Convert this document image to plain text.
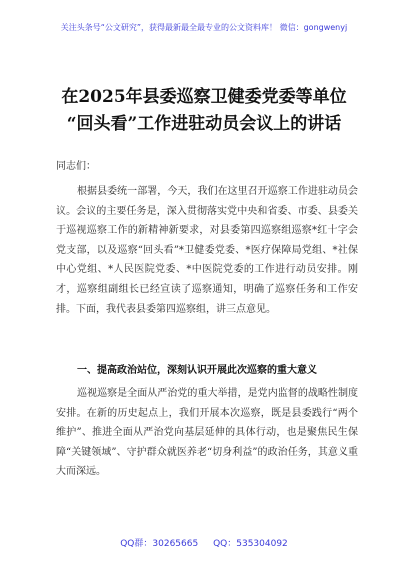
关注头条号“公文研究”，获得最新最全最专业的公文资料库！ 微信：gongwenyj
在2025年县委巡察卫健委党委等单位
“回头看”工作进驻动员会议上的讲话
同志们：
根据县委统一部署，今天，我们在这里召开巡察工作进驻动员会议。会议的主要任务是，深入贯彻落实党中央和省委、市委、县委关于巡视巡察工作的新精神新要求，对县委第四巡察组巡察*红十字会党支部，以及巡察“回头看”*卫健委党委、*医疗保障局党组、*社保中心党组、*人民医院党委、*中医院党委的工作进行动员安排。刚才，巡察组副组长已经宣读了巡察通知，明确了巡察任务和工作安排。下面，我代表县委第四巡察组，讲三点意见。
一、提高政治站位，深刻认识开展此次巡察的重大意义
巡视巡察是全面从严治党的重大举措，是党内监督的战略性制度安排。在新的历史起点上，我们开展本次巡察，既是县委践行“两个维护”、推进全面从严治党向基层延伸的具体行动，也是聚焦民生保障“关键领域”、守护群众就医养老“切身利益”的政治任务，其意义重大而深远。
QQ群：30265665 QQ：535304092
